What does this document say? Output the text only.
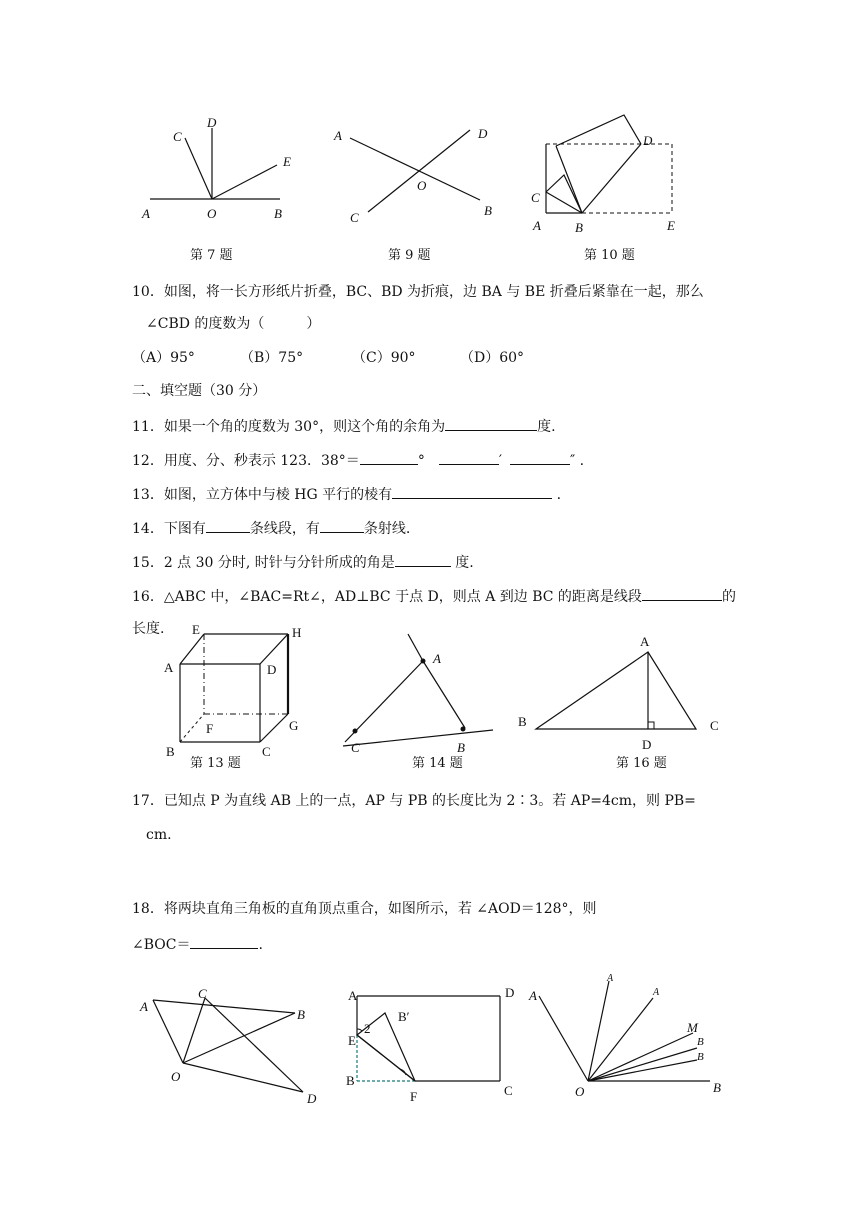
A	O	B
C
D
E
第 7 题
A	D
O
C	B
第 9 题
D
C
A	B	E
第 10 题
10．如图，将一长方形纸片折叠，BC、BD 为折痕，边 BA 与 BE 折叠后紧靠在一起，那么
∠CBD 的度数为（　　　）
（A）95°	（B）75°	（C）90°	（D）60°
二、填空题（30 分）
11．如果一个角的度数为 30°，则这个角的余角为	度.
12．用度、分、秒表示 123．38°＝	°	′	″ .
13．如图，立方体中与棱 HG 平行的棱有	.
14．下图有	条线段，有	条射线.
15．2 点 30 分时, 时针与分针所成的角是	度.
16．△ABC 中，∠BAC=Rt∠，AD⊥BC 于点 D，则点 A 到边 BC 的距离是线段	的
长度. E	H
A	D
F	G
B	C
第 13 题
A
C	B
第 14 题
A
B	C
D
第 16 题
17．已知点 P 为直线 AB 上的一点，AP 与 PB 的长度比为 2∶3。若 AP=4cm，则 PB=
cm.
18．将两块直角三角板的直角顶点重合，如图所示，若 ∠AOD＝128°，则
∠BOC＝	.
A
C
B
O
D
A	D
B′
2
E
B
F	C
A
A
A
M
B
B
B
O
